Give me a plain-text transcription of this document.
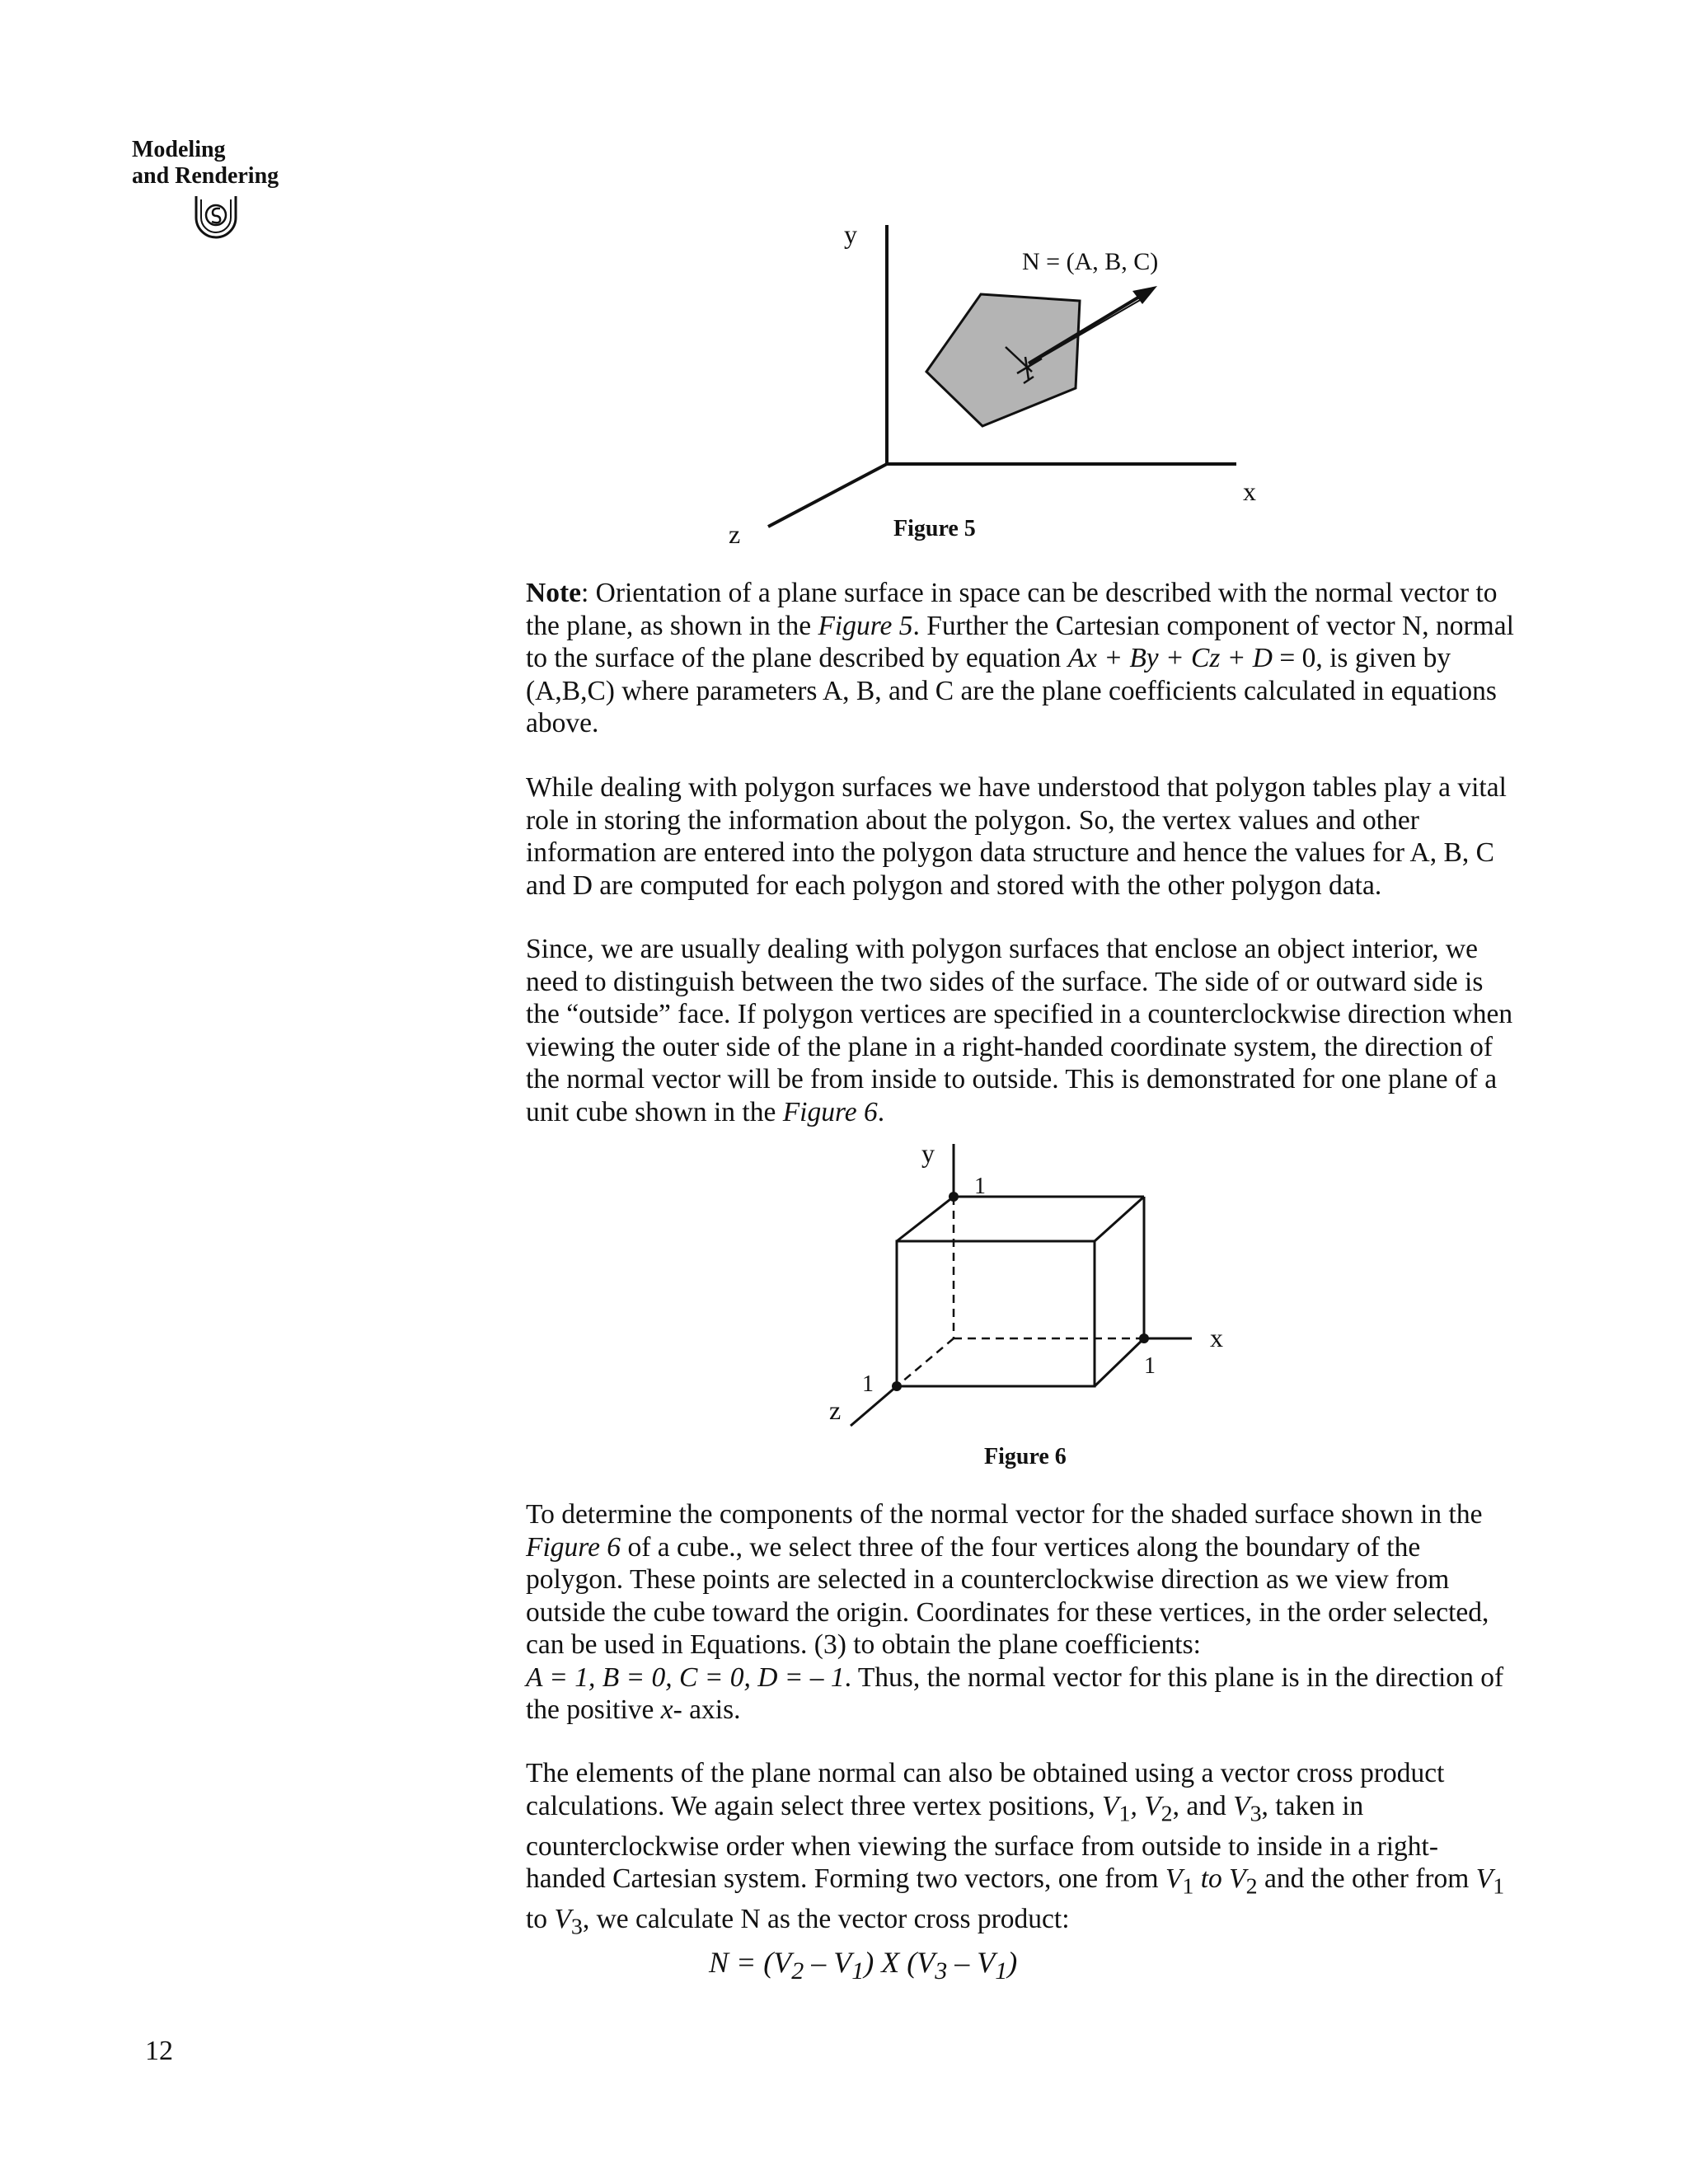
Modeling
and Rendering
y
x
z
N = (A, B, C)
Figure 5

Note: Orientation of a plane surface in space can be described with the normal vector to the plane, as shown in the Figure 5. Further the Cartesian component of vector N, normal to the surface of the plane described by equation Ax + By + Cz + D = 0, is given by (A,B,C) where parameters A, B, and C are the plane coefficients calculated in equations above.

While dealing with polygon surfaces we have understood that polygon tables play a vital role in storing the information about the polygon. So, the vertex values and other information are entered into the polygon data structure and hence the values for A, B, C and D are computed for each polygon and stored with the other polygon data.

Since, we are usually dealing with polygon surfaces that enclose an object interior, we need to distinguish between the two sides of the surface. The side of or outward side is the “outside” face. If polygon vertices are specified in a counterclockwise direction when viewing the outer side of the plane in a right-handed coordinate system, the direction of the normal vector will be from inside to outside. This is demonstrated for one plane of a unit cube shown in the Figure 6.

y
1
x
1
1
z
Figure 6

To determine the components of the normal vector for the shaded surface shown in the Figure 6 of a cube., we select three of the four vertices along the boundary of the polygon. These points are selected in a counterclockwise direction as we view from outside the cube toward the origin. Coordinates for these vertices, in the order selected, can be used in Equations. (3) to obtain the plane coefficients:
A = 1, B = 0, C = 0, D = – 1. Thus, the normal vector for this plane is in the direction of the positive x- axis.

The elements of the plane normal can also be obtained using a vector cross product calculations. We again select three vertex positions, $V_1$, $V_2$, and $V_3$, taken in counterclockwise order when viewing the surface from outside to inside in a right-handed Cartesian system. Forming two vectors, one from $V_1$ to $V_2$ and the other from $V_1$ to $V_3$, we calculate N as the vector cross product:

$N = (V_2 - V_1)$ X $(V_3 - V_1)$
12
